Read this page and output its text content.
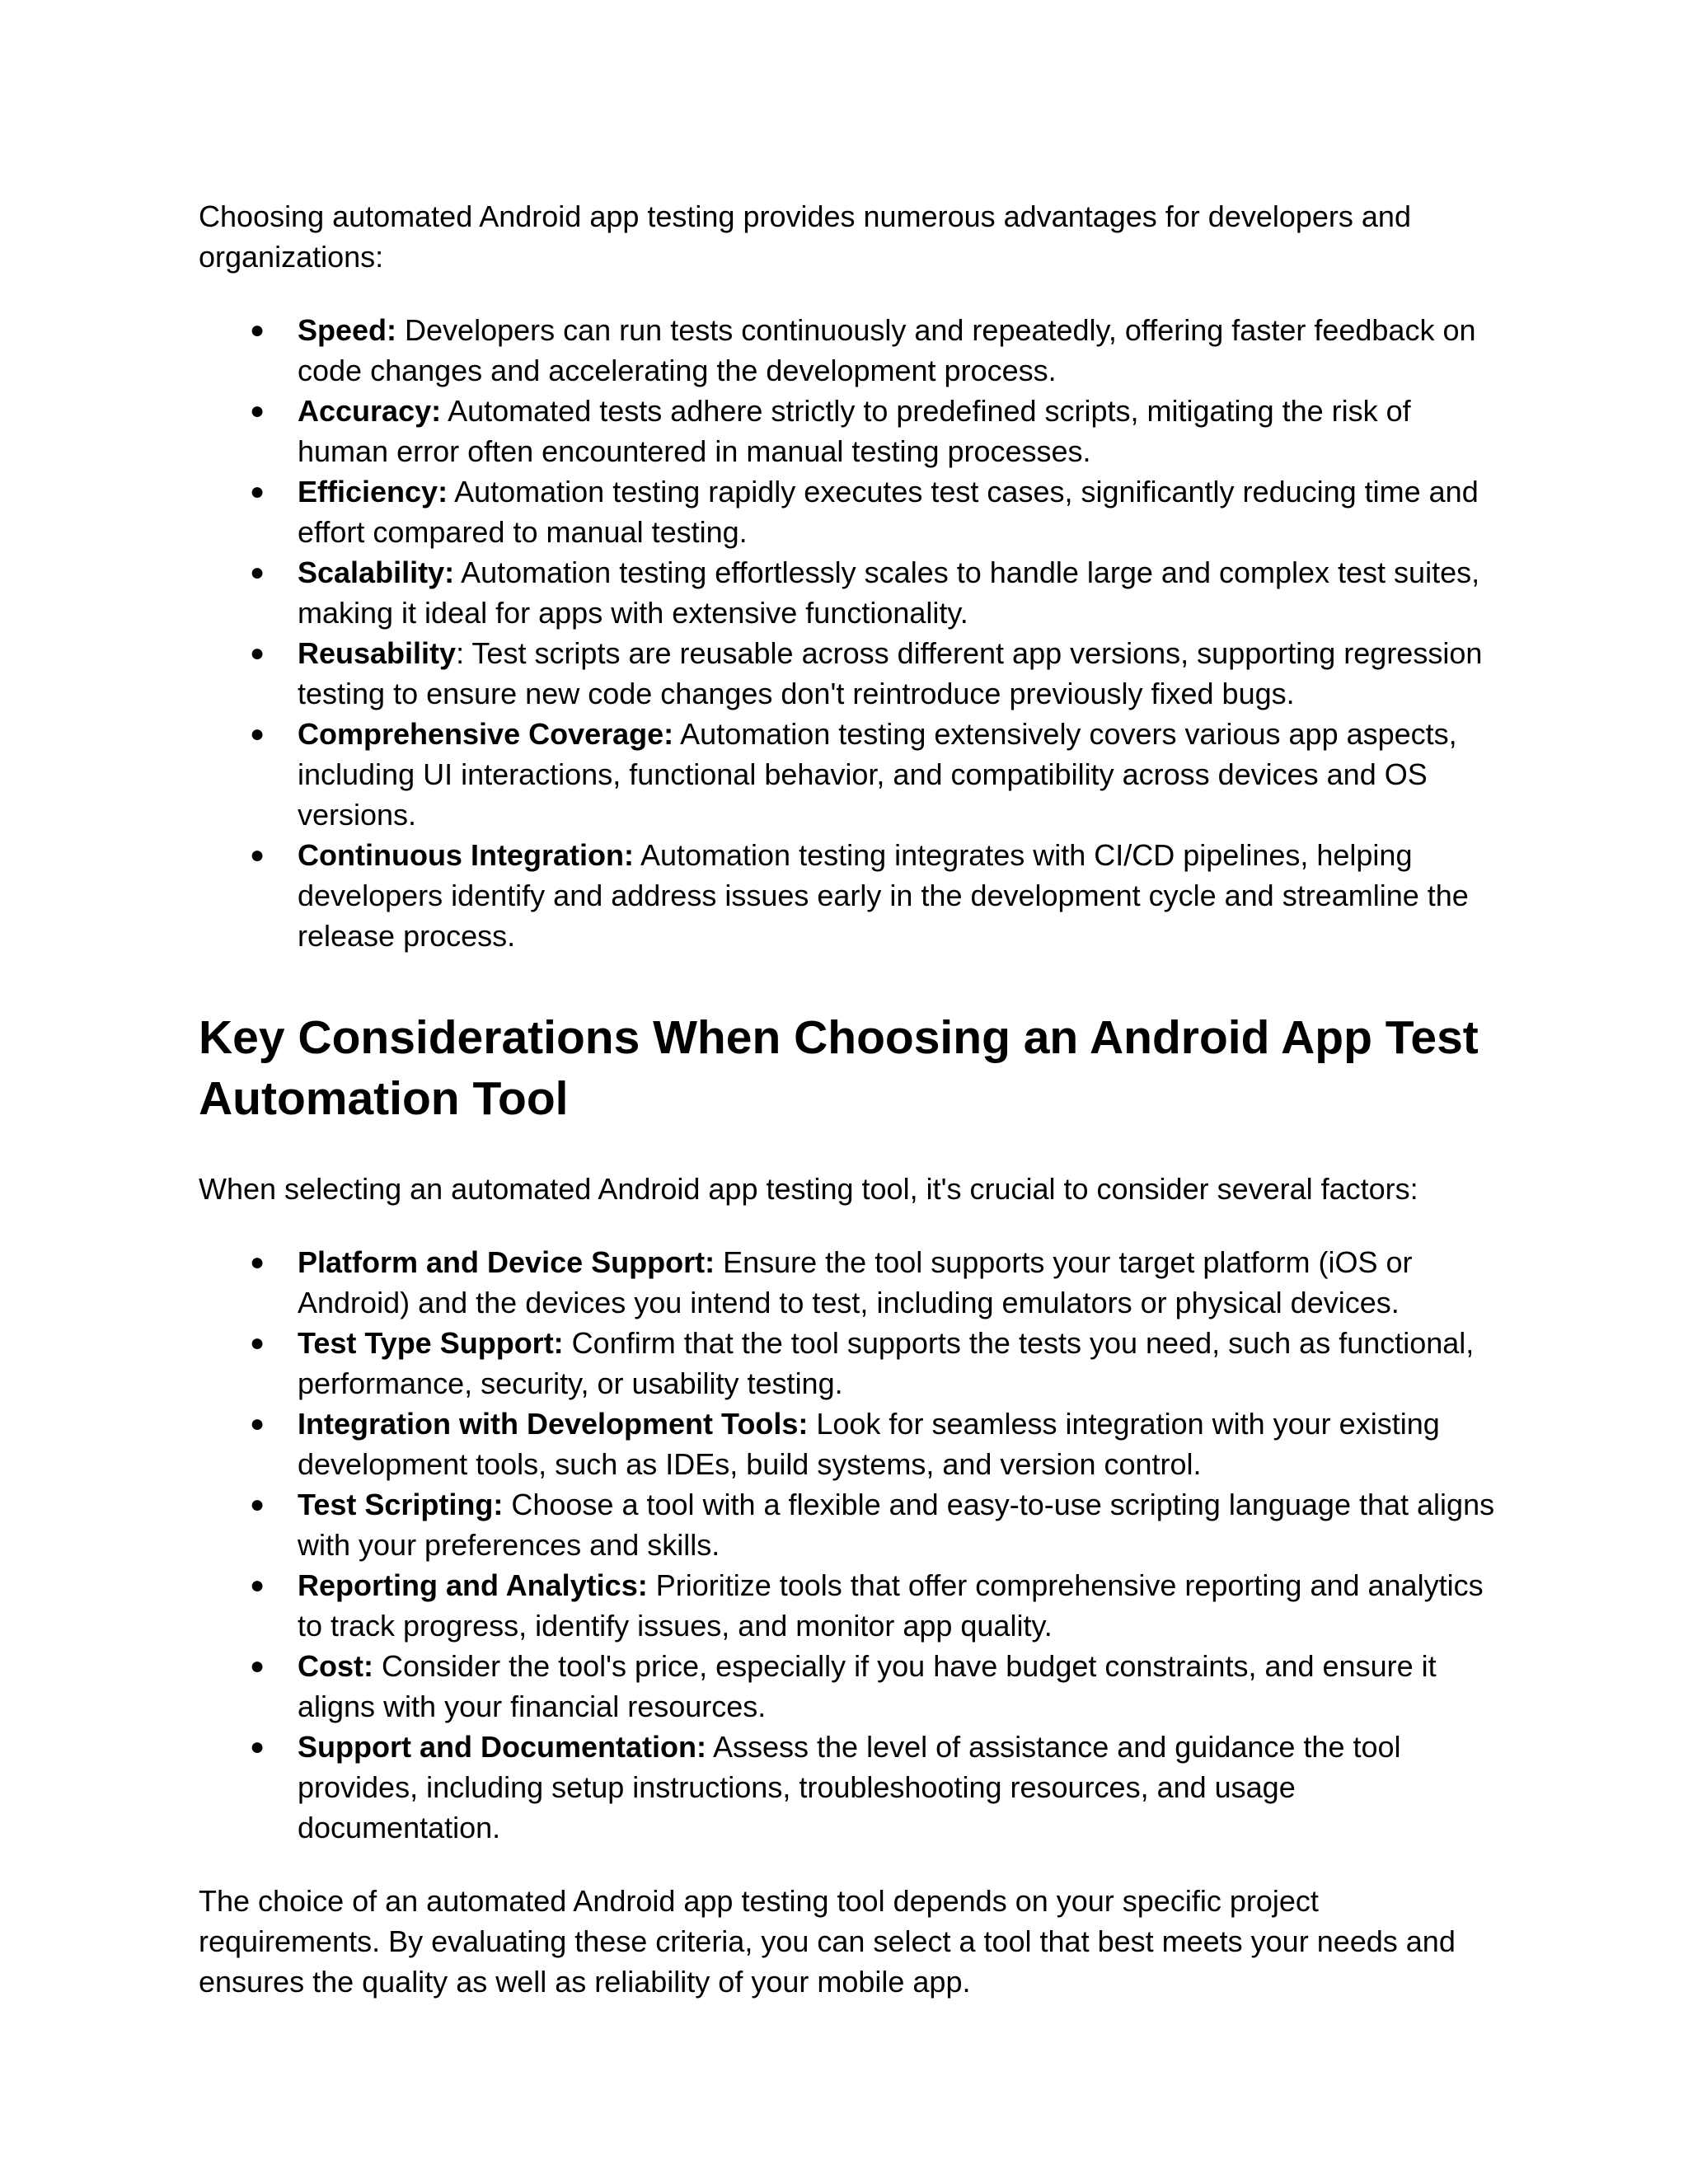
Choosing automated Android app testing provides numerous advantages for developers and organizations:

● Speed: Developers can run tests continuously and repeatedly, offering faster feedback on code changes and accelerating the development process.
● Accuracy: Automated tests adhere strictly to predefined scripts, mitigating the risk of human error often encountered in manual testing processes.
● Efficiency: Automation testing rapidly executes test cases, significantly reducing time and effort compared to manual testing.
● Scalability: Automation testing effortlessly scales to handle large and complex test suites, making it ideal for apps with extensive functionality.
● Reusability: Test scripts are reusable across different app versions, supporting regression testing to ensure new code changes don't reintroduce previously fixed bugs.
● Comprehensive Coverage: Automation testing extensively covers various app aspects, including UI interactions, functional behavior, and compatibility across devices and OS versions.
● Continuous Integration: Automation testing integrates with CI/CD pipelines, helping developers identify and address issues early in the development cycle and streamline the release process.
Key Considerations When Choosing an Android App Test Automation Tool

When selecting an automated Android app testing tool, it's crucial to consider several factors:

● Platform and Device Support: Ensure the tool supports your target platform (iOS or Android) and the devices you intend to test, including emulators or physical devices.
● Test Type Support: Confirm that the tool supports the tests you need, such as functional, performance, security, or usability testing.
● Integration with Development Tools: Look for seamless integration with your existing development tools, such as IDEs, build systems, and version control.
● Test Scripting: Choose a tool with a flexible and easy-to-use scripting language that aligns with your preferences and skills.
● Reporting and Analytics: Prioritize tools that offer comprehensive reporting and analytics to track progress, identify issues, and monitor app quality.
● Cost: Consider the tool's price, especially if you have budget constraints, and ensure it aligns with your financial resources.
● Support and Documentation: Assess the level of assistance and guidance the tool provides, including setup instructions, troubleshooting resources, and usage documentation.

The choice of an automated Android app testing tool depends on your specific project requirements. By evaluating these criteria, you can select a tool that best meets your needs and ensures the quality as well as reliability of your mobile app.
